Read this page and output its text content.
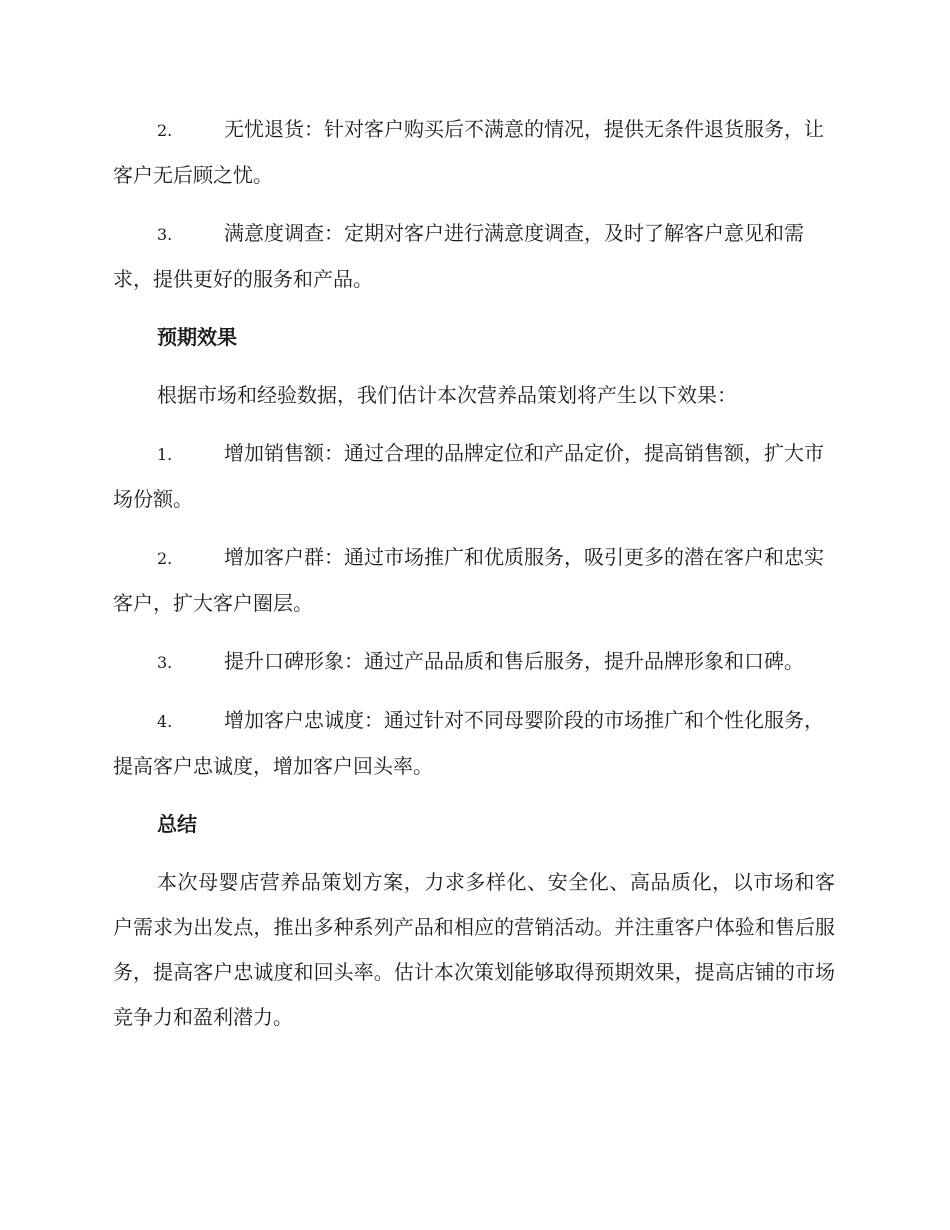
2.	无忧退货：针对客户购买后不满意的情况，提供无条件退货服务，让客户无后顾之忧。

3.	满意度调查：定期对客户进行满意度调查，及时了解客户意见和需求，提供更好的服务和产品。

预期效果

根据市场和经验数据，我们估计本次营养品策划将产生以下效果：

1.	增加销售额：通过合理的品牌定位和产品定价，提高销售额，扩大市场份额。

2.	增加客户群：通过市场推广和优质服务，吸引更多的潜在客户和忠实客户，扩大客户圈层。

3.	提升口碑形象：通过产品品质和售后服务，提升品牌形象和口碑。

4.	增加客户忠诚度：通过针对不同母婴阶段的市场推广和个性化服务，提高客户忠诚度，增加客户回头率。

总结

本次母婴店营养品策划方案，力求多样化、安全化、高品质化，以市场和客户需求为出发点，推出多种系列产品和相应的营销活动。并注重客户体验和售后服务，提高客户忠诚度和回头率。估计本次策划能够取得预期效果，提高店铺的市场竞争力和盈利潜力。
